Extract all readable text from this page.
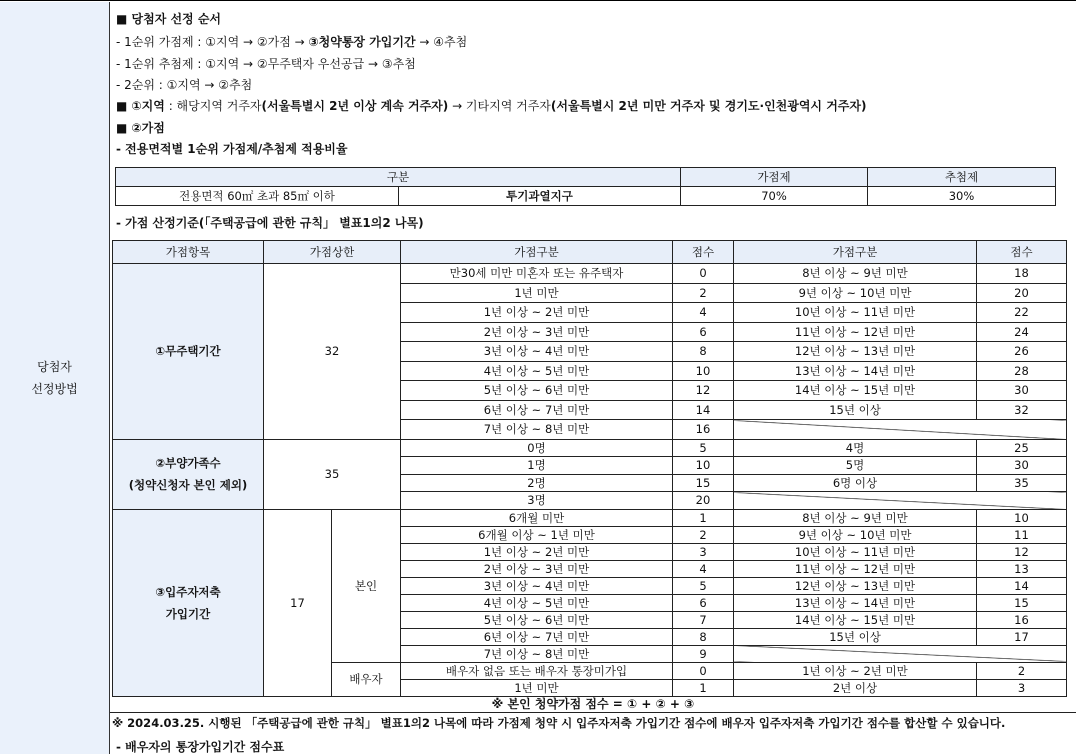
당첨자
선정방법
■ 당첨자 선정 순서
- 1순위 가점제 : ①지역 → ②가점 → ③청약통장 가입기간 → ④추첨
- 1순위 추첨제 : ①지역 → ②무주택자 우선공급 → ③추첨
- 2순위 : ①지역 → ②추첨
■ ①지역 : 해당지역 거주자(서울특별시 2년 이상 계속 거주자) → 기타지역 거주자(서울특별시 2년 미만 거주자 및 경기도·인천광역시 거주자)
■ ②가점
- 전용면적별 1순위 가점제/추첨제 적용비율
구분		가점제	추첨제
전용면적 60㎡ 초과 85㎡ 이하	투기과열지구	70%	30%
- 가점 산정기준(「주택공급에 관한 규칙」 별표1의2 나목)
가점항목	가점상한		가점구분	점수	가점구분	점수

①무주택기간	32		만30세 미만 미혼자 또는 유주택자	0	8년 이상 ~ 9년 미만	18
			1년 미만	2	9년 이상 ~ 10년 미만	20
			1년 이상 ~ 2년 미만	4	10년 이상 ~ 11년 미만	22
			2년 이상 ~ 3년 미만	6	11년 이상 ~ 12년 미만	24
			3년 이상 ~ 4년 미만	8	12년 이상 ~ 13년 미만	26
			4년 이상 ~ 5년 미만	10	13년 이상 ~ 14년 미만	28
			5년 이상 ~ 6년 미만	12	14년 이상 ~ 15년 미만	30
			6년 이상 ~ 7년 미만	14	15년 이상	32
			7년 이상 ~ 8년 미만	16		

②부양가족수
(청약신청자 본인 제외)	35		0명	5	4명	25
			1명	10	5명	30
			2명	15	6명 이상	35
			3명	20		

③입주자저축
가입기간	17	본인	6개월 미만	1	8년 이상 ~ 9년 미만	10
			6개월 이상 ~ 1년 미만	2	9년 이상 ~ 10년 미만	11
			1년 이상 ~ 2년 미만	3	10년 이상 ~ 11년 미만	12
			2년 이상 ~ 3년 미만	4	11년 이상 ~ 12년 미만	13
			3년 이상 ~ 4년 미만	5	12년 이상 ~ 13년 미만	14
			4년 이상 ~ 5년 미만	6	13년 이상 ~ 14년 미만	15
			5년 이상 ~ 6년 미만	7	14년 이상 ~ 15년 미만	16
			6년 이상 ~ 7년 미만	8	15년 이상	17
			7년 이상 ~ 8년 미만	9		
		배우자	배우자 없음 또는 배우자 통장미가입	0	1년 이상 ~ 2년 미만	2
			1년 미만	1	2년 이상	3
※ 본인 청약가점 점수 = ① + ② + ③
※ 2024.03.25. 시행된 「주택공급에 관한 규칙」 별표1의2 나목에 따라 가점제 청약 시 입주자저축 가입기간 점수에 배우자 입주자저축 가입기간 점수를 합산할 수 있습니다.
- 배우자의 통장가입기간 점수표
